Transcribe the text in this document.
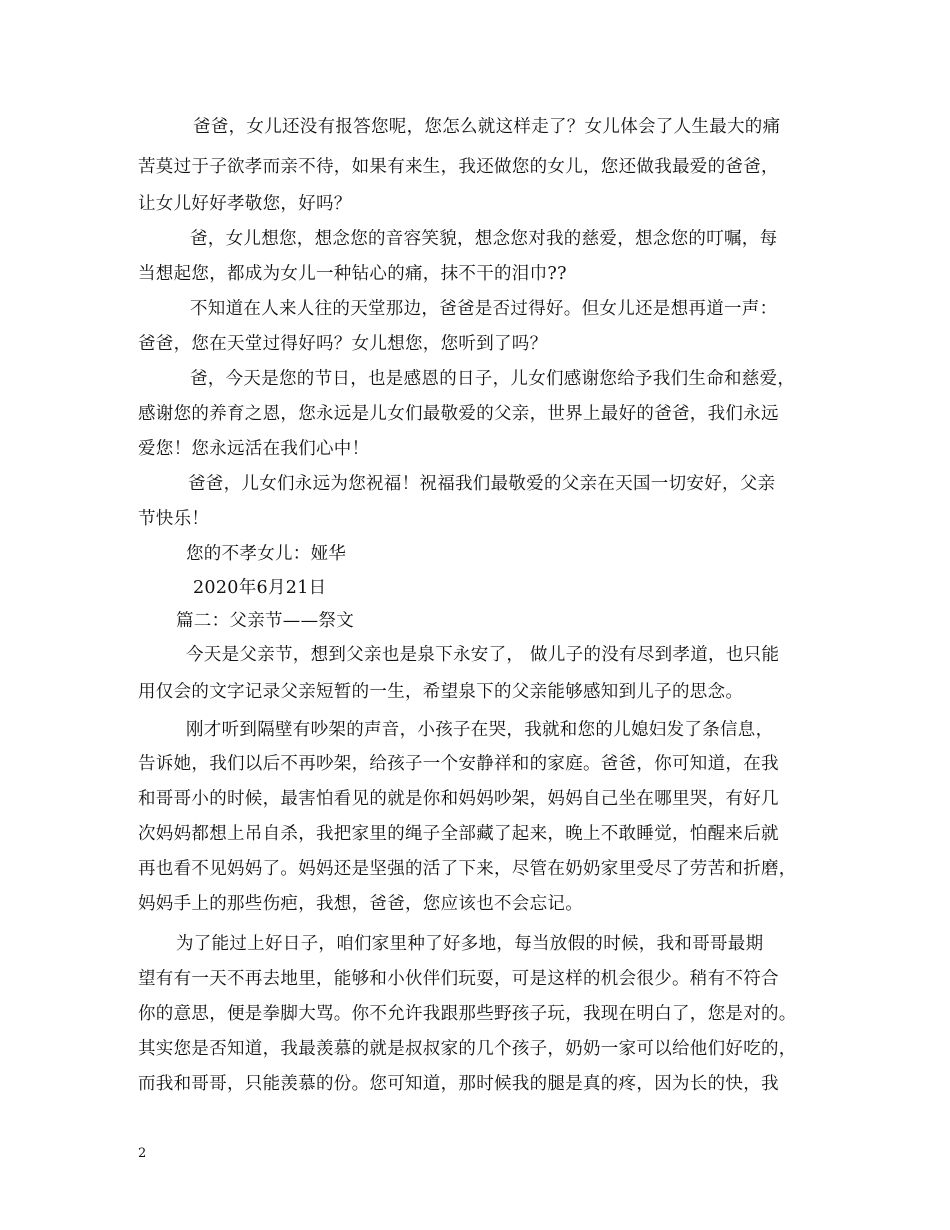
爸爸，女儿还没有报答您呢，您怎么就这样走了？女儿体会了人生最大的痛
苦莫过于子欲孝而亲不待，如果有来生，我还做您的女儿，您还做我最爱的爸爸，
让女儿好好孝敬您，好吗？
爸，女儿想您，想念您的音容笑貌，想念您对我的慈爱，想念您的叮嘱，每
当想起您，都成为女儿一种钻心的痛，抹不干的泪巾??
不知道在人来人往的天堂那边，爸爸是否过得好。但女儿还是想再道一声：
爸爸，您在天堂过得好吗？女儿想您，您听到了吗？
爸，今天是您的节日，也是感恩的日子，儿女们感谢您给予我们生命和慈爱，
感谢您的养育之恩，您永远是儿女们最敬爱的父亲，世界上最好的爸爸，我们永远
爱您！您永远活在我们心中！
爸爸，儿女们永远为您祝福！祝福我们最敬爱的父亲在天国一切安好，父亲
节快乐！
您的不孝女儿：娅华
2020年6月21日
篇二：父亲节——祭文
今天是父亲节，想到父亲也是泉下永安了， 做儿子的没有尽到孝道，也只能
用仅会的文字记录父亲短暂的一生，希望泉下的父亲能够感知到儿子的思念。
刚才听到隔壁有吵架的声音，小孩子在哭，我就和您的儿媳妇发了条信息，
告诉她，我们以后不再吵架，给孩子一个安静祥和的家庭。爸爸，你可知道，在我
和哥哥小的时候，最害怕看见的就是你和妈妈吵架，妈妈自己坐在哪里哭，有好几
次妈妈都想上吊自杀，我把家里的绳子全部藏了起来，晚上不敢睡觉，怕醒来后就
再也看不见妈妈了。妈妈还是坚强的活了下来，尽管在奶奶家里受尽了劳苦和折磨，
妈妈手上的那些伤疤，我想，爸爸，您应该也不会忘记。
为了能过上好日子，咱们家里种了好多地，每当放假的时候，我和哥哥最期
望有有一天不再去地里，能够和小伙伴们玩耍，可是这样的机会很少。稍有不符合
你的意思，便是拳脚大骂。你不允许我跟那些野孩子玩，我现在明白了，您是对的。
其实您是否知道，我最羡慕的就是叔叔家的几个孩子，奶奶一家可以给他们好吃的，
而我和哥哥，只能羡慕的份。您可知道，那时候我的腿是真的疼，因为长的快，我
2
